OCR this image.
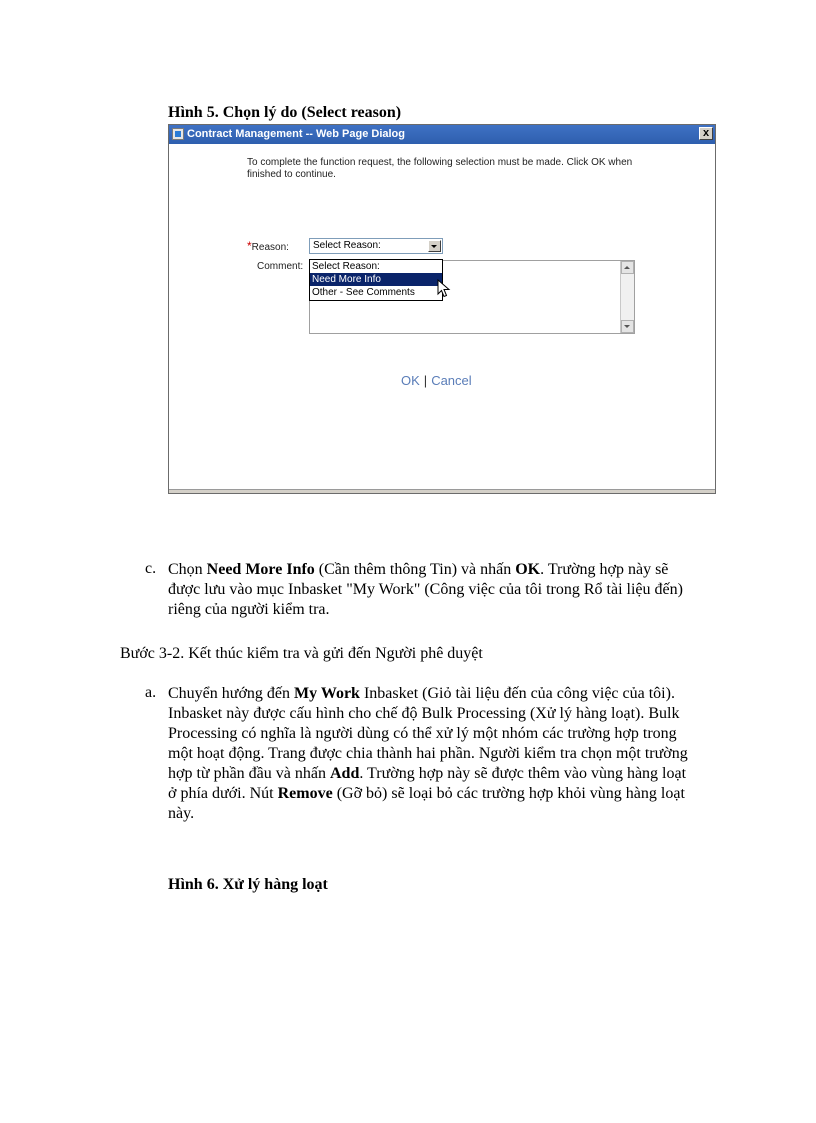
Hình 5. Chọn lý do (Select reason)
Contract Management -- Web Page Dialog	x
To complete the function request, the following selection must be made. Click OK when finished to continue.
*Reason:	Select Reason:
Comment: Select Reason:
Need More Info
Other - See Comments
OK | Cancel
c. Chọn Need More Info (Cần thêm thông Tin) và nhấn OK. Trường hợp này sẽ được lưu vào mục Inbasket "My Work" (Công việc của tôi trong Rổ tài liệu đến) riêng của người kiểm tra.

Bước 3-2. Kết thúc kiểm tra và gửi đến Người phê duyệt

a. Chuyển hướng đến My Work Inbasket (Giỏ tài liệu đến của công việc của tôi). Inbasket này được cấu hình cho chế độ Bulk Processing (Xử lý hàng loạt). Bulk Processing có nghĩa là người dùng có thể xử lý một nhóm các trường hợp trong một hoạt động. Trang được chia thành hai phần. Người kiểm tra chọn một trường hợp từ phần đầu và nhấn Add. Trường hợp này sẽ được thêm vào vùng hàng loạt ở phía dưới. Nút Remove (Gỡ bỏ) sẽ loại bỏ các trường hợp khỏi vùng hàng loạt này.

Hình 6. Xử lý hàng loạt
